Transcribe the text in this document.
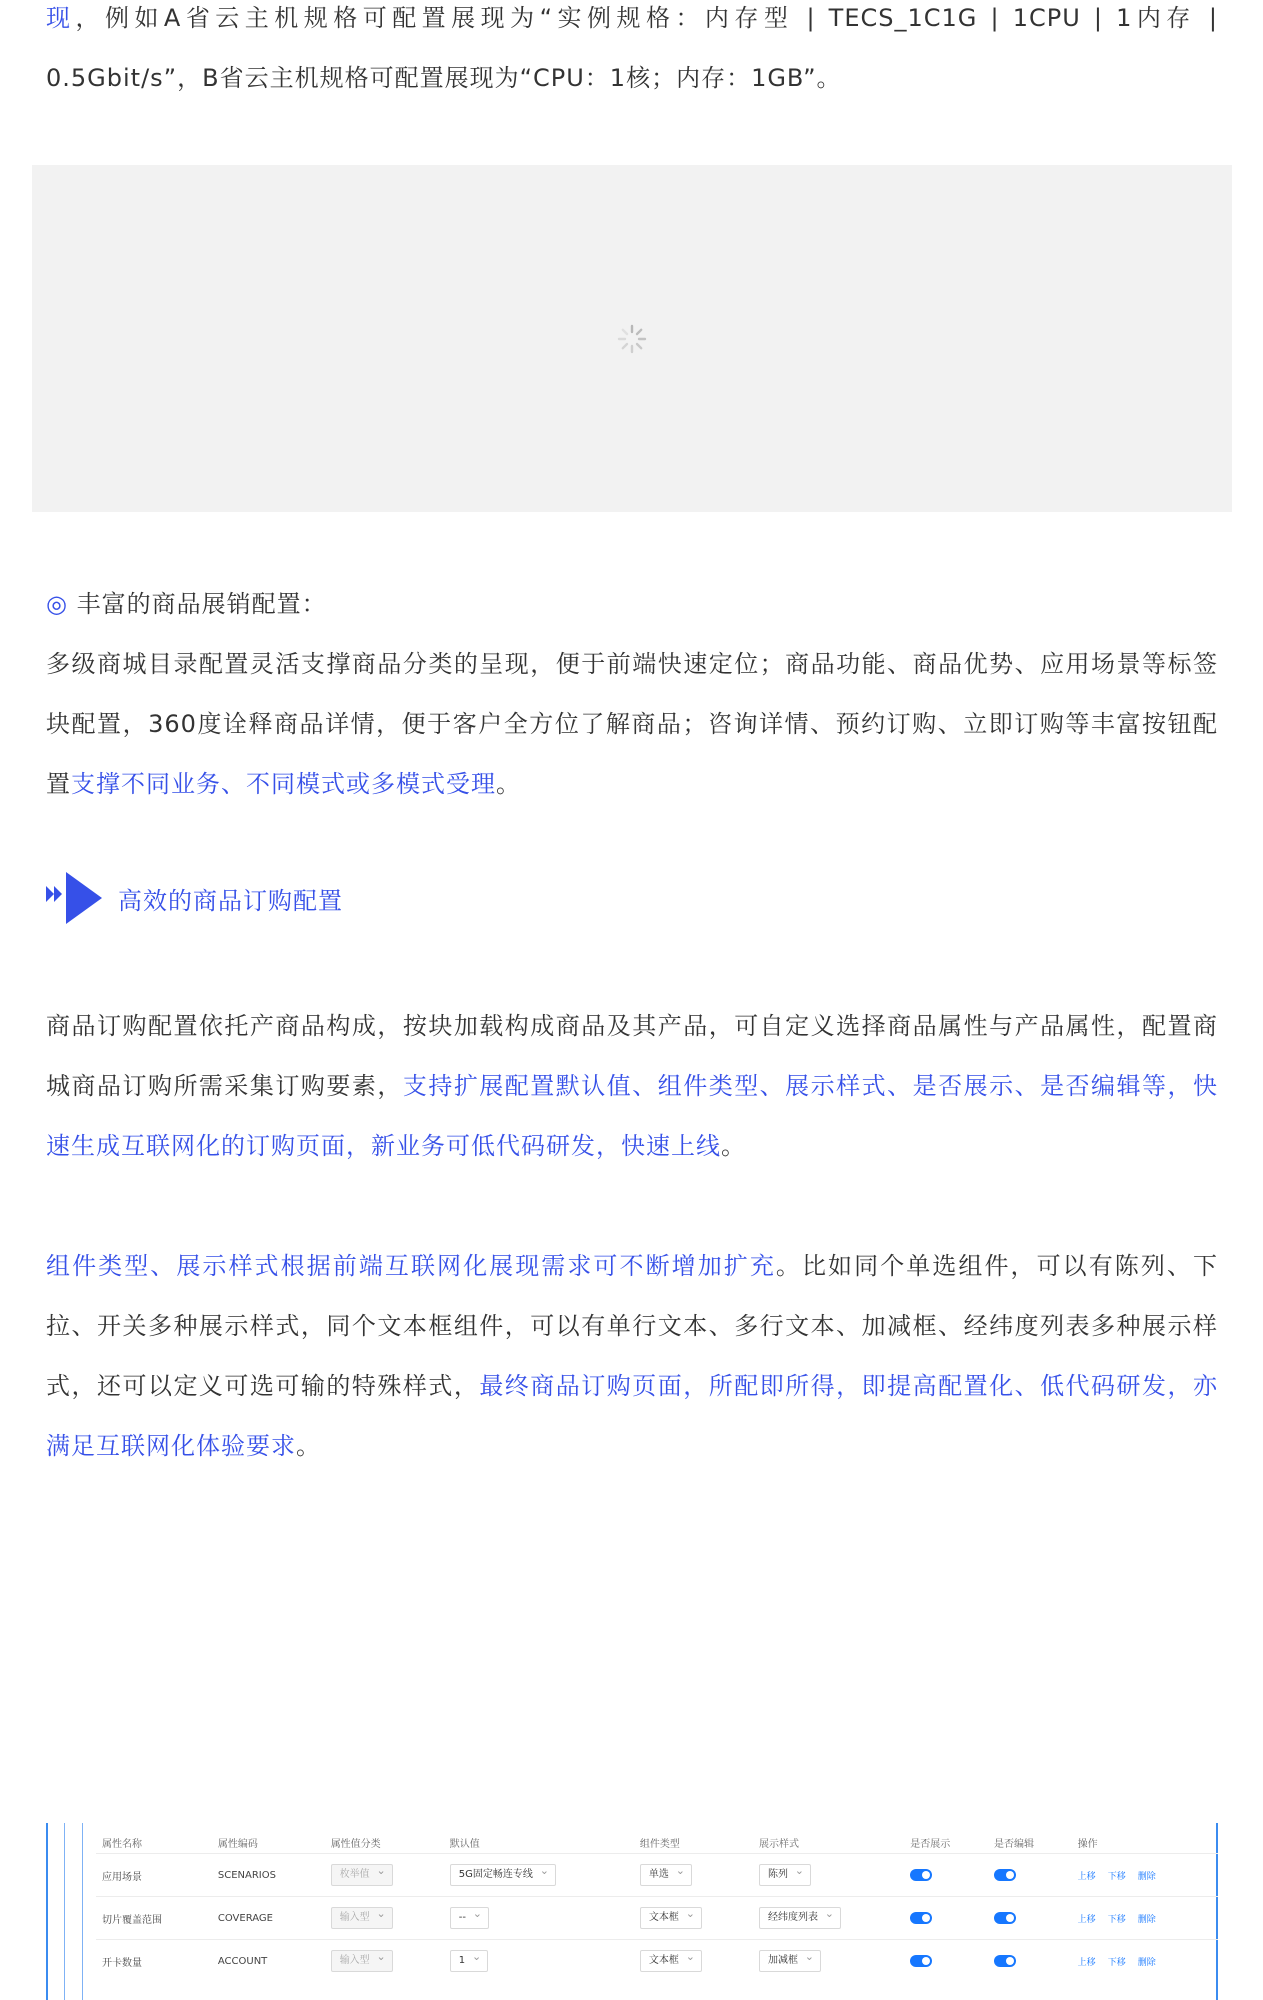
现，例如A省云主机规格可配置展现为“实例规格：内存型 | TECS_1C1G | 1CPU | 1内存 | 0.5Gbit/s”，B省云主机规格可配置展现为“CPU：1核；内存：1GB”。

◎ 丰富的商品展销配置：
多级商城目录配置灵活支撑商品分类的呈现，便于前端快速定位；商品功能、商品优势、应用场景等标签块配置，360度诠释商品详情，便于客户全方位了解商品；咨询详情、预约订购、立即订购等丰富按钮配置支撑不同业务、不同模式或多模式受理。

高效的商品订购配置

商品订购配置依托产商品构成，按块加载构成商品及其产品，可自定义选择商品属性与产品属性，配置商城商品订购所需采集订购要素，支持扩展配置默认值、组件类型、展示样式、是否展示、是否编辑等，快速生成互联网化的订购页面，新业务可低代码研发，快速上线。

组件类型、展示样式根据前端互联网化展现需求可不断增加扩充。比如同个单选组件，可以有陈列、下拉、开关多种展示样式，同个文本框组件，可以有单行文本、多行文本、加减框、经纬度列表多种展示样式，还可以定义可选可输的特殊样式，最终商品订购页面，所配即所得，即提高配置化、低代码研发，亦满足互联网化体验要求。

属性名称	属性编码	属性值分类	默认值	组件类型	展示样式	是否展示	是否编辑	操作
应用场景	SCENARIOS	枚举值 ⌄	5G固定畅连专线 ⌄	单选 ⌄	陈列 ⌄			上移 下移 删除
切片覆盖范围	COVERAGE	输入型 ⌄	-- ⌄	文本框 ⌄	经纬度列表 ⌄			上移 下移 删除
开卡数量	ACCOUNT	输入型 ⌄	1 ⌄	文本框 ⌄	加减框 ⌄			上移 下移 删除
